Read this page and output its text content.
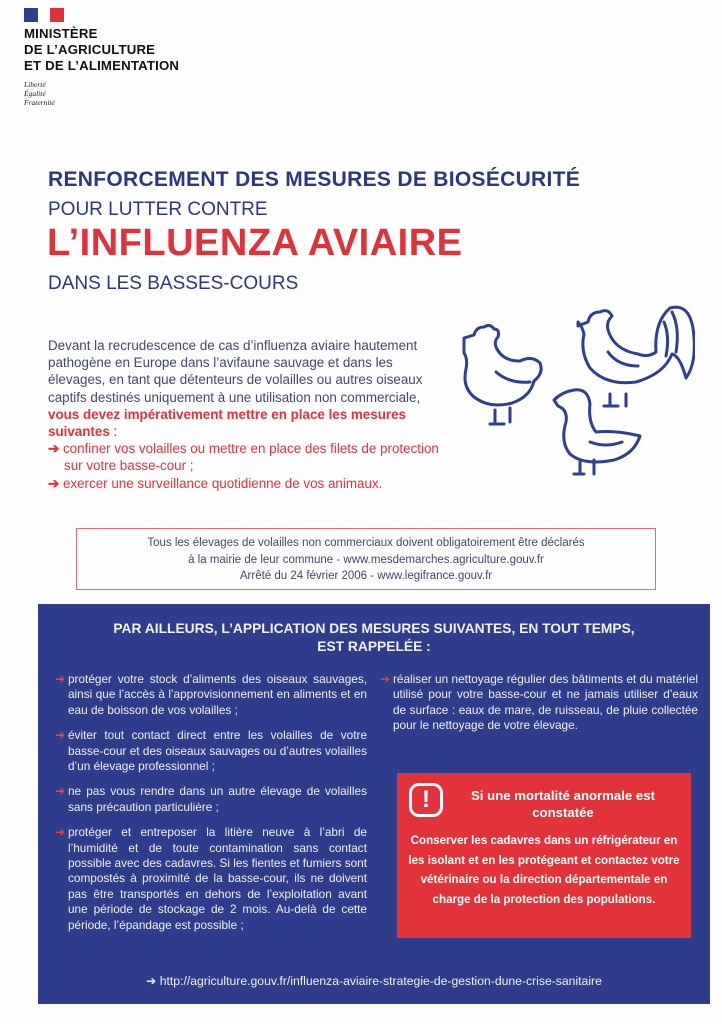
MINISTÈRE
DE L’AGRICULTURE
ET DE L’ALIMENTATION
Liberté
Égalité
Fraternité
RENFORCEMENT DES MESURES DE BIOSÉCURITÉ
POUR LUTTER CONTRE
L’INFLUENZA AVIAIRE
DANS LES BASSES-COURS
Devant la recrudescence de cas d’influenza aviaire hautement pathogène en Europe dans l’avifaune sauvage et dans les élevages, en tant que détenteurs de volailles ou autres oiseaux captifs destinés uniquement à une utilisation non commerciale, vous devez impérativement mettre en place les mesures suivantes :
➔ confiner vos volailles ou mettre en place des filets de protection sur votre basse-cour ;
➔ exercer une surveillance quotidienne de vos animaux.
Tous les élevages de volailles non commerciaux doivent obligatoirement être déclarés
à la mairie de leur commune - www.mesdemarches.agriculture.gouv.fr
Arrêté du 24 février 2006 - www.legifrance.gouv.fr
PAR AILLEURS, L’APPLICATION DES MESURES SUIVANTES, EN TOUT TEMPS,
EST RAPPELÉE :
➔ protéger votre stock d’aliments des oiseaux sauvages, ainsi que l’accès à l’approvisionnement en aliments et en eau de boisson de vos volailles ;
➔ éviter tout contact direct entre les volailles de votre basse-cour et des oiseaux sauvages ou d’autres volailles d’un élevage professionnel ;
➔ ne pas vous rendre dans un autre élevage de volailles sans précaution particulière ;
➔ protéger et entreposer la litière neuve à l’abri de l’humidité et de toute contamination sans contact possible avec des cadavres. Si les fientes et fumiers sont compostés à proximité de la basse-cour, ils ne doivent pas être transportés en dehors de l’exploitation avant une période de stockage de 2 mois. Au-delà de cette période, l’épandage est possible ;
➔ réaliser un nettoyage régulier des bâtiments et du matériel utilisé pour votre basse-cour et ne jamais utiliser d’eaux de surface : eaux de mare, de ruisseau, de pluie collectée pour le nettoyage de votre élevage.
!	Si une mortalité anormale est constatée
Conserver les cadavres dans un réfrigérateur en les isolant et en les protégeant et contactez votre vétérinaire ou la direction départementale en charge de la protection des populations.
➔ http://agriculture.gouv.fr/influenza-aviaire-strategie-de-gestion-dune-crise-sanitaire
